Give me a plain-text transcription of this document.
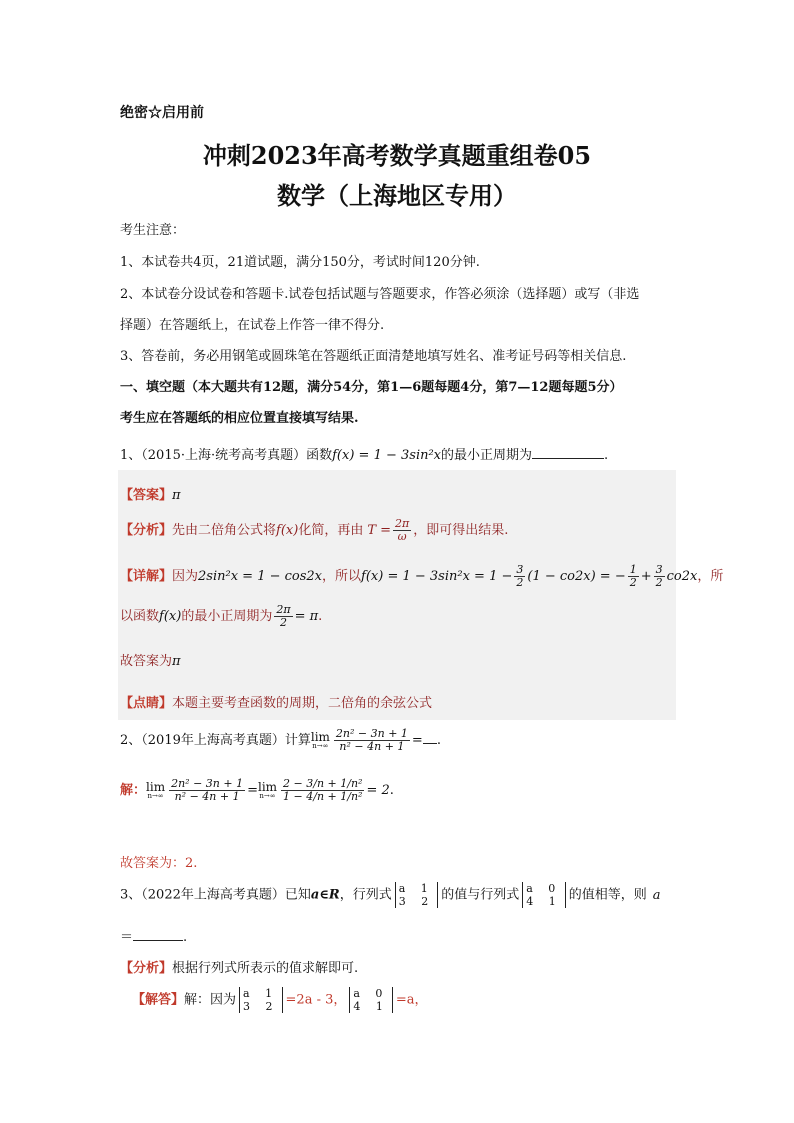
绝密☆启用前
冲刺2023年高考数学真题重组卷05
数学（上海地区专用）
考生注意：
1、本试卷共4页，21道试题，满分150分，考试时间120分钟.
2、本试卷分设试卷和答题卡.试卷包括试题与答题要求，作答必须涂（选择题）或写（非选
择题）在答题纸上，在试卷上作答一律不得分.
3、答卷前，务必用钢笔或圆珠笔在答题纸正面清楚地填写姓名、准考证号码等相关信息.
一、填空题（本大题共有12题，满分54分，第1—6题每题4分，第7—12题每题5分）
考生应在答题纸的相应位置直接填写结果.
1、（2015·上海·统考高考真题）函数f(x) = 1 − 3sin²x的最小正周期为	.
【答案】π
【分析】先由二倍角公式将f(x)化简，再由 $T = \frac{2\pi}{\omega}$ ，即可得出结果.
【详解】因为2sin²x = 1 − cos2x，所以$f(x) = 1 - 3\sin^2x = 1 - \frac{3}{2} (1 - co2x)$ = − $\frac{1}{2} + \frac{3}{2} co2x$，所
以函数f(x)的最小正周期为 $\frac{2\pi}{2} = \pi$.
故答案为π
【点睛】本题主要考查函数的周期，二倍角的余弦公式
2、（2019年上海高考真题）计算 lim
$n\to\infty \frac{\text{2n² − 3n + 1}}{\text{n² − 4n + 1}}$ = .
解： lim
$n\to\infty \frac{\text{2n² − 3n + 1}}{\text{n² − 4n + 1}} = \lim$
$n\to\infty \frac{\text{2 − 3/n + 1/n²}}{\text{1 − 4/n + 1/n²}} = 2$.
故答案为：2.
3、（2022年上海高考真题）已知a∈R，行列式 a 1
3 2 的值与行列式 a 0
4 1 的值相等，则 a
＝	.
【分析】根据行列式所表示的值求解即可.
【解答】解：因为 a 1
3 2 =2a - 3， a 0
4 1 =a，
